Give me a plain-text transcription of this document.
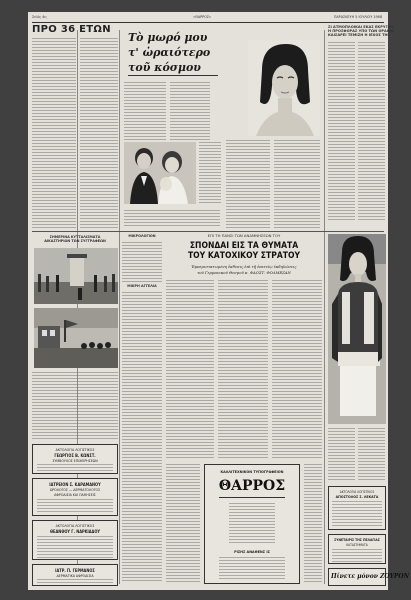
Σελίς 4η	«ΘΑΡΡΟΣ»	ΠΑΡΑΣΚΕΥΗ 5 ΙΟΥΛΙΟΥ 1968
ΠΡΟ 36 ΕΤΩΝ
Τὸ μωρό μου
τ' ὡραιότερο
τοῦ κόσμου
ΣΙ ΑΤΜΟΠΛΟΙΚΑΙ ΕΚΑΣ ΕΚΡΥΞΕΝ
Η ΠΡΟΣΦΟΡΑΣ ΥΠΟ ΤΩΝ ΟΡΑΙΩΝ
ΚΑΙΣΑΡΕΙ ΤΕΜΙΖΗ Η ΙΕΧΟΣ ΤΗΙ
ΣΗΜΕΡΙΝΑ ΚΥΤΤΑΛΙΣΜΑΤΑ
ΔΙΚΑΣΤΗΡΙΩΝ ΤΩΝ ΣΥΓΓΡΑΦΕΩΝ
ΑΚΤΟΛΟΓΙΑ ΛΟΓΙΣΤΙΚΟΣ
ΓΕΩΡΓΙΟΣ Β. ΚΩΝΣΤ.
ΣΥΜΒΟΥΛΟΣ ΕΠΙΧΕΙΡΗΣΕΩΝ
ΙΑΤΡΕΙΟΝ Σ. ΚΑΡΑΜΑΝΟΥ
ΩΡΟΛΟΓΟΣ — ΔΕΡΜΑΤΟΛΟΓΟΣ
ΑΦΡΟΔΙΣΙΑ ΚΑΙ ΠΑΘΗΣΕΙΣ
ΑΚΤΟΛΟΓΙΑ ΛΟΓΙΣΤΙΚΟΣ
ΘΕΑΝΘΟΥ Γ. ΝΑΡΚΙΑΔΟΥ
ΙΑΤΡ. Π. ΓΕΡΜΑΝΟΣ
ΔΕΡΜΑΤΙΚΑ ΑΦΡΟΔΙΣΙΑ
ΜΙΚΡΟΛΟΓΙΟΝ
ΜΙΚΡΗ ΑΓΓΕΛΙΑ
ΕΠΙ ΤΗ ΠΑΝΣΙ ΤΩΝ ΑΝΑΜΝΗΣΕΩΝ ΤΟΥ
ΣΠΟΝΔΑΙ ΕΙΣ ΤΑ ΘΥΜΑΤΑ
ΤΟΥ ΚΑΤΟΧΙΚΟΥ ΣΤΡΑΤΟΥ
Ἐμπεριστατωμένη ἔκθεσις ἐπὶ τῇ ἐπετείῳ ἐκδηλώσεις
τοῦ Γερμανικοῦ Θεσμοῦ κ. ΦΑΟΣΤ. ΦΟΛΜΕΖΑΝ
ΚΑΛΛΙΤΕΧΝΙΚΟΝ ΤΥΠΟΓΡΑΦΕΙΟΝ
ΘΑΡΡΟΣ
ΡΙΣΗΣ ΑΝΑΘΕΝΣ ΙΣ
ΑΚΤΟΛΟΓΙΑ ΛΟΓΙΣΤΙΚΟΣ
ΑΠΟΣΤΟΛΟΣ Σ. ΛΕΚΑΤΑ
ΣΥΝΕΤΑΙΡΙΣ ΤΗΣ ΠΕΛΑΓΙΑΣ
ΚΑΤΑΣΤΗΜΑΤΑ
Πίνετε μόνον ΖΟΥΡΟΝ
